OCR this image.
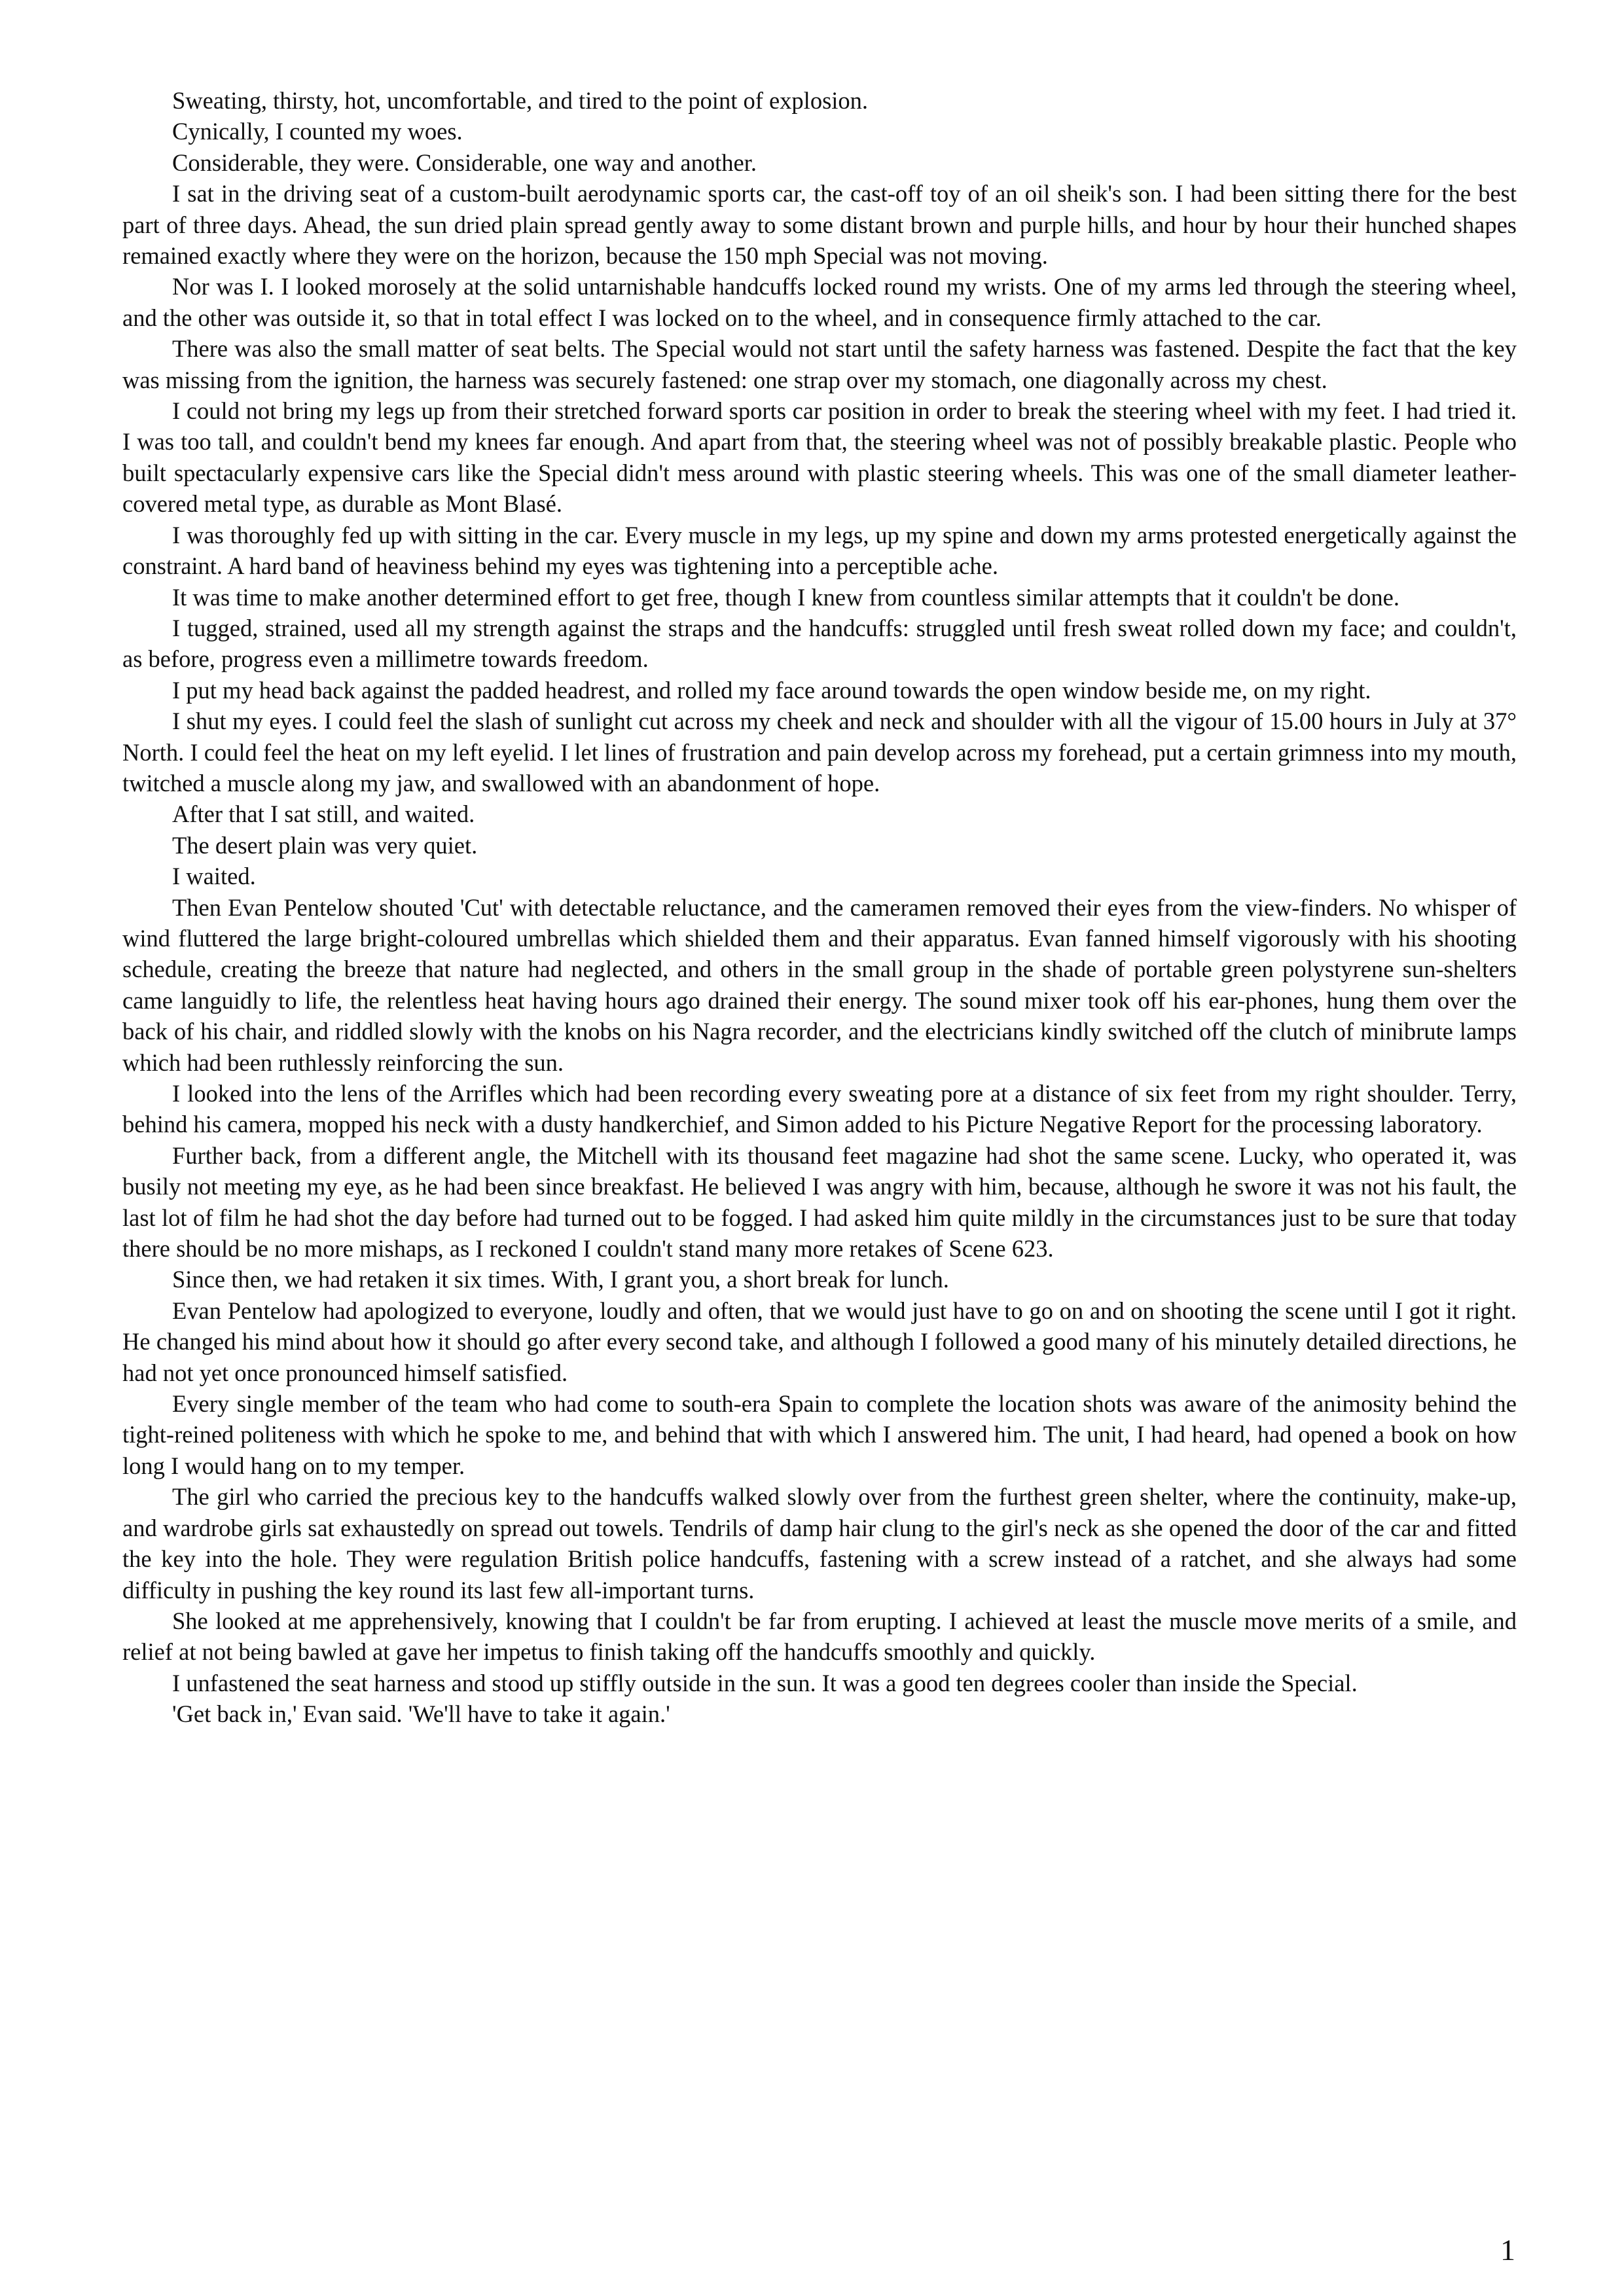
Sweating, thirsty, hot, uncomfortable, and tired to the point of explosion.

Cynically, I counted my woes.

Considerable, they were. Considerable, one way and another.

I sat in the driving seat of a custom-built aerodynamic sports car, the cast-off toy of an oil sheik's son. I had been sitting there for the best part of three days. Ahead, the sun dried plain spread gently away to some distant brown and purple hills, and hour by hour their hunched shapes remained exactly where they were on the horizon, because the 150 mph Special was not moving.

Nor was I. I looked morosely at the solid untarnishable handcuffs locked round my wrists. One of my arms led through the steering wheel, and the other was outside it, so that in total effect I was locked on to the wheel, and in consequence firmly attached to the car.

There was also the small matter of seat belts. The Special would not start until the safety harness was fastened. Despite the fact that the key was missing from the ignition, the harness was securely fastened: one strap over my stomach, one diagonally across my chest.

I could not bring my legs up from their stretched forward sports car position in order to break the steering wheel with my feet. I had tried it. I was too tall, and couldn't bend my knees far enough. And apart from that, the steering wheel was not of possibly breakable plastic. People who built spectacularly expensive cars like the Special didn't mess around with plastic steering wheels. This was one of the small diameter leather-covered metal type, as durable as Mont Blasé.

I was thoroughly fed up with sitting in the car. Every muscle in my legs, up my spine and down my arms protested energetically against the constraint. A hard band of heaviness behind my eyes was tightening into a perceptible ache.

It was time to make another determined effort to get free, though I knew from countless similar attempts that it couldn't be done.

I tugged, strained, used all my strength against the straps and the handcuffs: struggled until fresh sweat rolled down my face; and couldn't, as before, progress even a millimetre towards freedom.

I put my head back against the padded headrest, and rolled my face around towards the open window beside me, on my right.

I shut my eyes. I could feel the slash of sunlight cut across my cheek and neck and shoulder with all the vigour of 15.00 hours in July at 37° North. I could feel the heat on my left eyelid. I let lines of frustration and pain develop across my forehead, put a certain grimness into my mouth, twitched a muscle along my jaw, and swallowed with an abandonment of hope.

After that I sat still, and waited.

The desert plain was very quiet.

I waited.

Then Evan Pentelow shouted 'Cut' with detectable reluctance, and the cameramen removed their eyes from the view-finders. No whisper of wind fluttered the large bright-coloured umbrellas which shielded them and their apparatus. Evan fanned himself vigorously with his shooting schedule, creating the breeze that nature had neglected, and others in the small group in the shade of portable green polystyrene sun-shelters came languidly to life, the relentless heat having hours ago drained their energy. The sound mixer took off his ear-phones, hung them over the back of his chair, and riddled slowly with the knobs on his Nagra recorder, and the electricians kindly switched off the clutch of minibrute lamps which had been ruthlessly reinforcing the sun.

I looked into the lens of the Arrifles which had been recording every sweating pore at a distance of six feet from my right shoulder. Terry, behind his camera, mopped his neck with a dusty handkerchief, and Simon added to his Picture Negative Report for the processing laboratory.

Further back, from a different angle, the Mitchell with its thousand feet magazine had shot the same scene. Lucky, who operated it, was busily not meeting my eye, as he had been since breakfast. He believed I was angry with him, because, although he swore it was not his fault, the last lot of film he had shot the day before had turned out to be fogged. I had asked him quite mildly in the circumstances just to be sure that today there should be no more mishaps, as I reckoned I couldn't stand many more retakes of Scene 623.

Since then, we had retaken it six times. With, I grant you, a short break for lunch.

Evan Pentelow had apologized to everyone, loudly and often, that we would just have to go on and on shooting the scene until I got it right. He changed his mind about how it should go after every second take, and although I followed a good many of his minutely detailed directions, he had not yet once pronounced himself satisfied.

Every single member of the team who had come to south-era Spain to complete the location shots was aware of the animosity behind the tight-reined politeness with which he spoke to me, and behind that with which I answered him. The unit, I had heard, had opened a book on how long I would hang on to my temper.

The girl who carried the precious key to the handcuffs walked slowly over from the furthest green shelter, where the continuity, make-up, and wardrobe girls sat exhaustedly on spread out towels. Tendrils of damp hair clung to the girl's neck as she opened the door of the car and fitted the key into the hole. They were regulation British police handcuffs, fastening with a screw instead of a ratchet, and she always had some difficulty in pushing the key round its last few all-important turns.

She looked at me apprehensively, knowing that I couldn't be far from erupting. I achieved at least the muscle move merits of a smile, and relief at not being bawled at gave her impetus to finish taking off the handcuffs smoothly and quickly.

I unfastened the seat harness and stood up stiffly outside in the sun. It was a good ten degrees cooler than inside the Special.

'Get back in,' Evan said. 'We'll have to take it again.'

1
